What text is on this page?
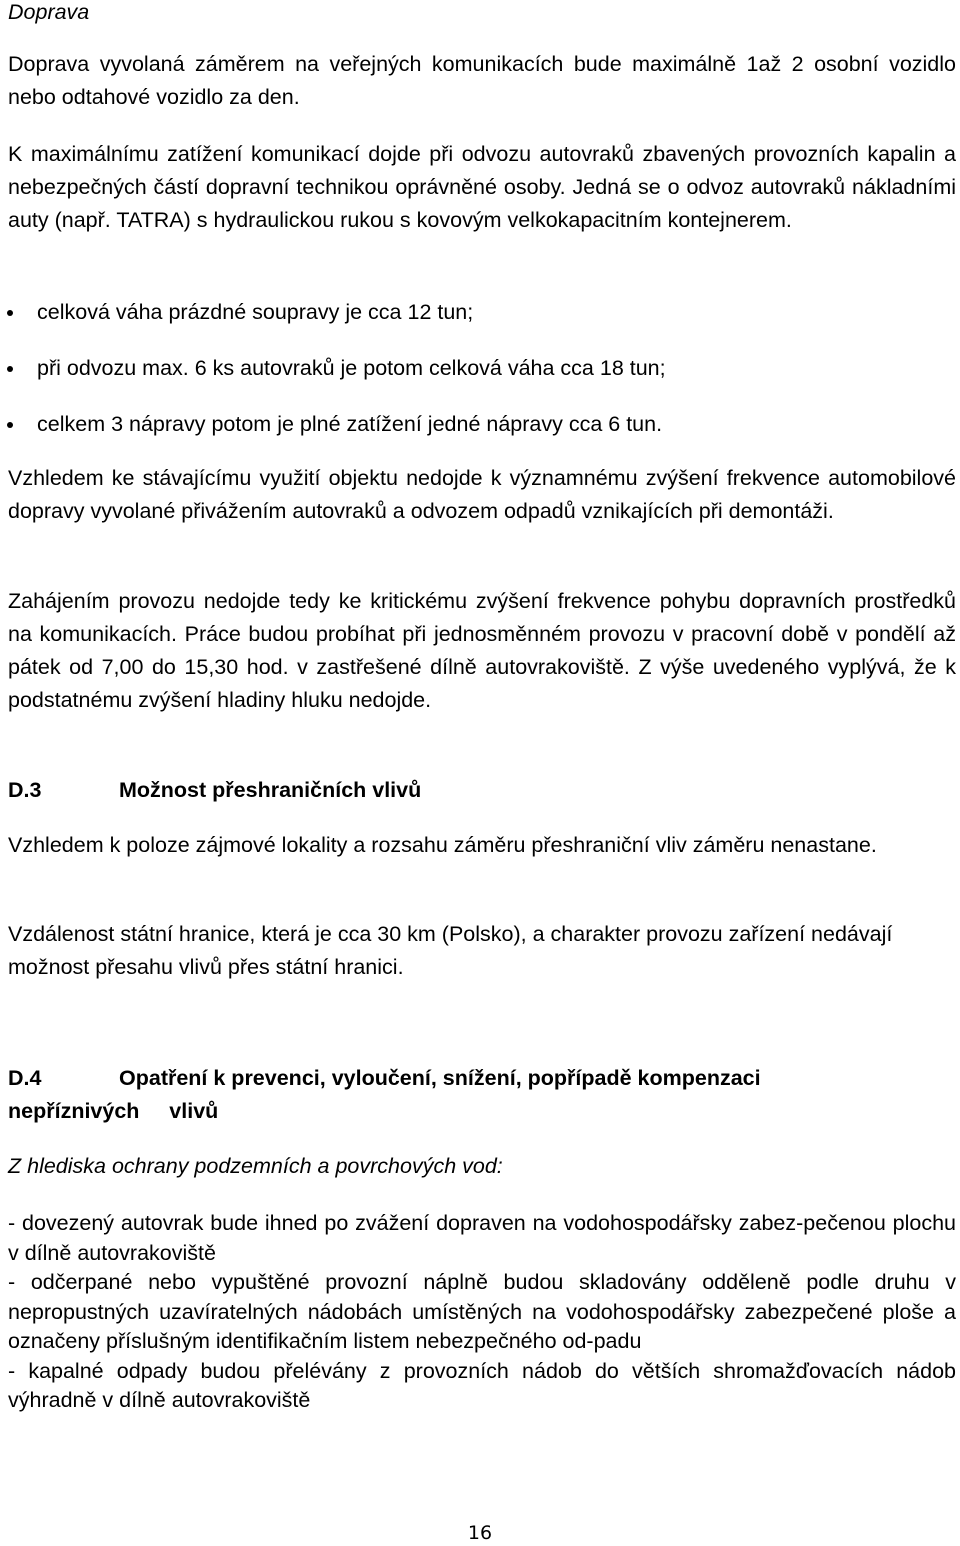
Doprava

Doprava vyvolaná záměrem na veřejných komunikacích bude maximálně 1až 2 osobní vozidlo nebo odtahové vozidlo za den.

K maximálnímu zatížení komunikací dojde při odvozu autovraků zbavených provozních kapalin a nebezpečných částí dopravní technikou oprávněné osoby. Jedná se o odvoz autovraků nákladními auty (např. TATRA) s hydraulickou rukou s kovovým velkokapacitním kontejnerem.

celková váha prázdné soupravy je cca 12 tun;
při odvozu max. 6 ks autovraků je potom celková váha cca 18 tun;
celkem 3 nápravy potom je plné zatížení jedné nápravy cca 6 tun.

Vzhledem ke stávajícímu využití objektu nedojde k významnému zvýšení frekvence automobilové dopravy vyvolané přivážením autovraků a odvozem odpadů vznikajících při demontáži.

Zahájením provozu nedojde tedy ke kritickému zvýšení frekvence pohybu dopravních prostředků na komunikacích. Práce budou probíhat při jednosměnném provozu v pracovní době v pondělí až pátek od 7,00 do 15,30 hod. v zastřešené dílně autovrakoviště. Z výše uvedeného vyplývá, že k podstatnému zvýšení hladiny hluku nedojde.

D.3	Možnost přeshraničních vlivů

Vzhledem k poloze zájmové lokality a rozsahu záměru přeshraniční vliv záměru nenastane.

Vzdálenost státní hranice, která je cca 30 km (Polsko), a charakter provozu zařízení nedávají možnost přesahu vlivů přes státní hranici.

D.4	Opatření k prevenci, vyloučení, snížení, popřípadě kompenzaci
nepříznivých     vlivů

Z hlediska ochrany podzemních a povrchových vod:

- dovezený autovrak bude ihned po zvážení dopraven na vodohospodářsky zabez-pečenou plochu v dílně autovrakoviště

- odčerpané nebo vypuštěné provozní náplně budou skladovány odděleně podle druhu v nepropustných uzavíratelných nádobách umístěných na vodohospodářsky zabezpečené ploše a označeny příslušným identifikačním listem nebezpečného od-padu

- kapalné odpady budou přelévány z provozních nádob do větších shromažďovacích nádob výhradně v dílně autovrakoviště

16
